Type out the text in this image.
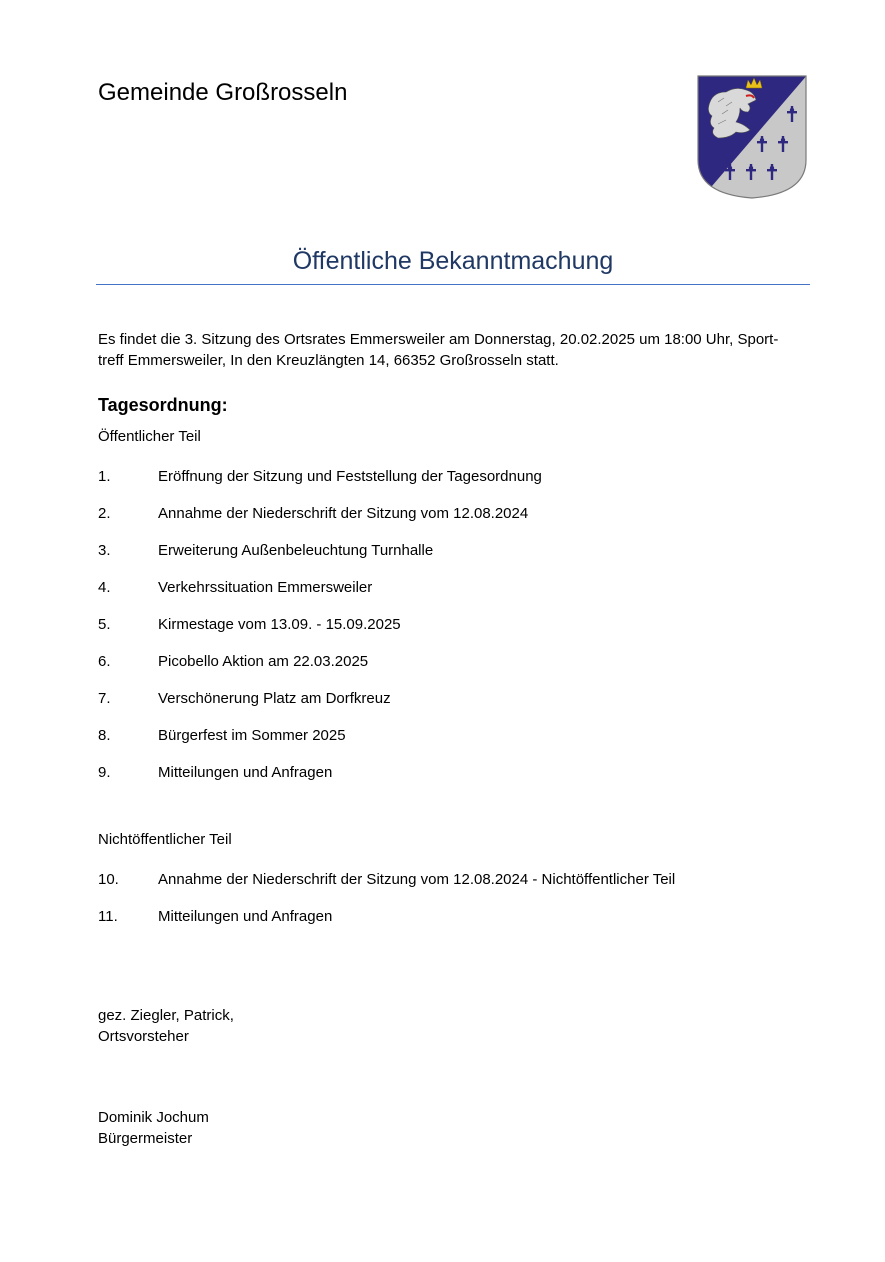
Gemeinde Großrosseln
Öffentliche Bekanntmachung
Es findet die 3. Sitzung des Ortsrates Emmersweiler am Donnerstag, 20.02.2025 um 18:00 Uhr, Sport-
treff Emmersweiler, In den Kreuzlängten 14, 66352 Großrosseln statt.
Tagesordnung:
Öffentlicher Teil
1.	Eröffnung der Sitzung und Feststellung der Tagesordnung
2.	Annahme der Niederschrift der Sitzung vom 12.08.2024
3.	Erweiterung Außenbeleuchtung Turnhalle
4.	Verkehrssituation Emmersweiler
5.	Kirmestage vom 13.09. - 15.09.2025
6.	Picobello Aktion am 22.03.2025
7.	Verschönerung Platz am Dorfkreuz
8.	Bürgerfest im Sommer 2025
9.	Mitteilungen und Anfragen
Nichtöffentlicher Teil
10.	Annahme der Niederschrift der Sitzung vom 12.08.2024 - Nichtöffentlicher Teil
11.	Mitteilungen und Anfragen
gez. Ziegler, Patrick,
Ortsvorsteher
Dominik Jochum
Bürgermeister
